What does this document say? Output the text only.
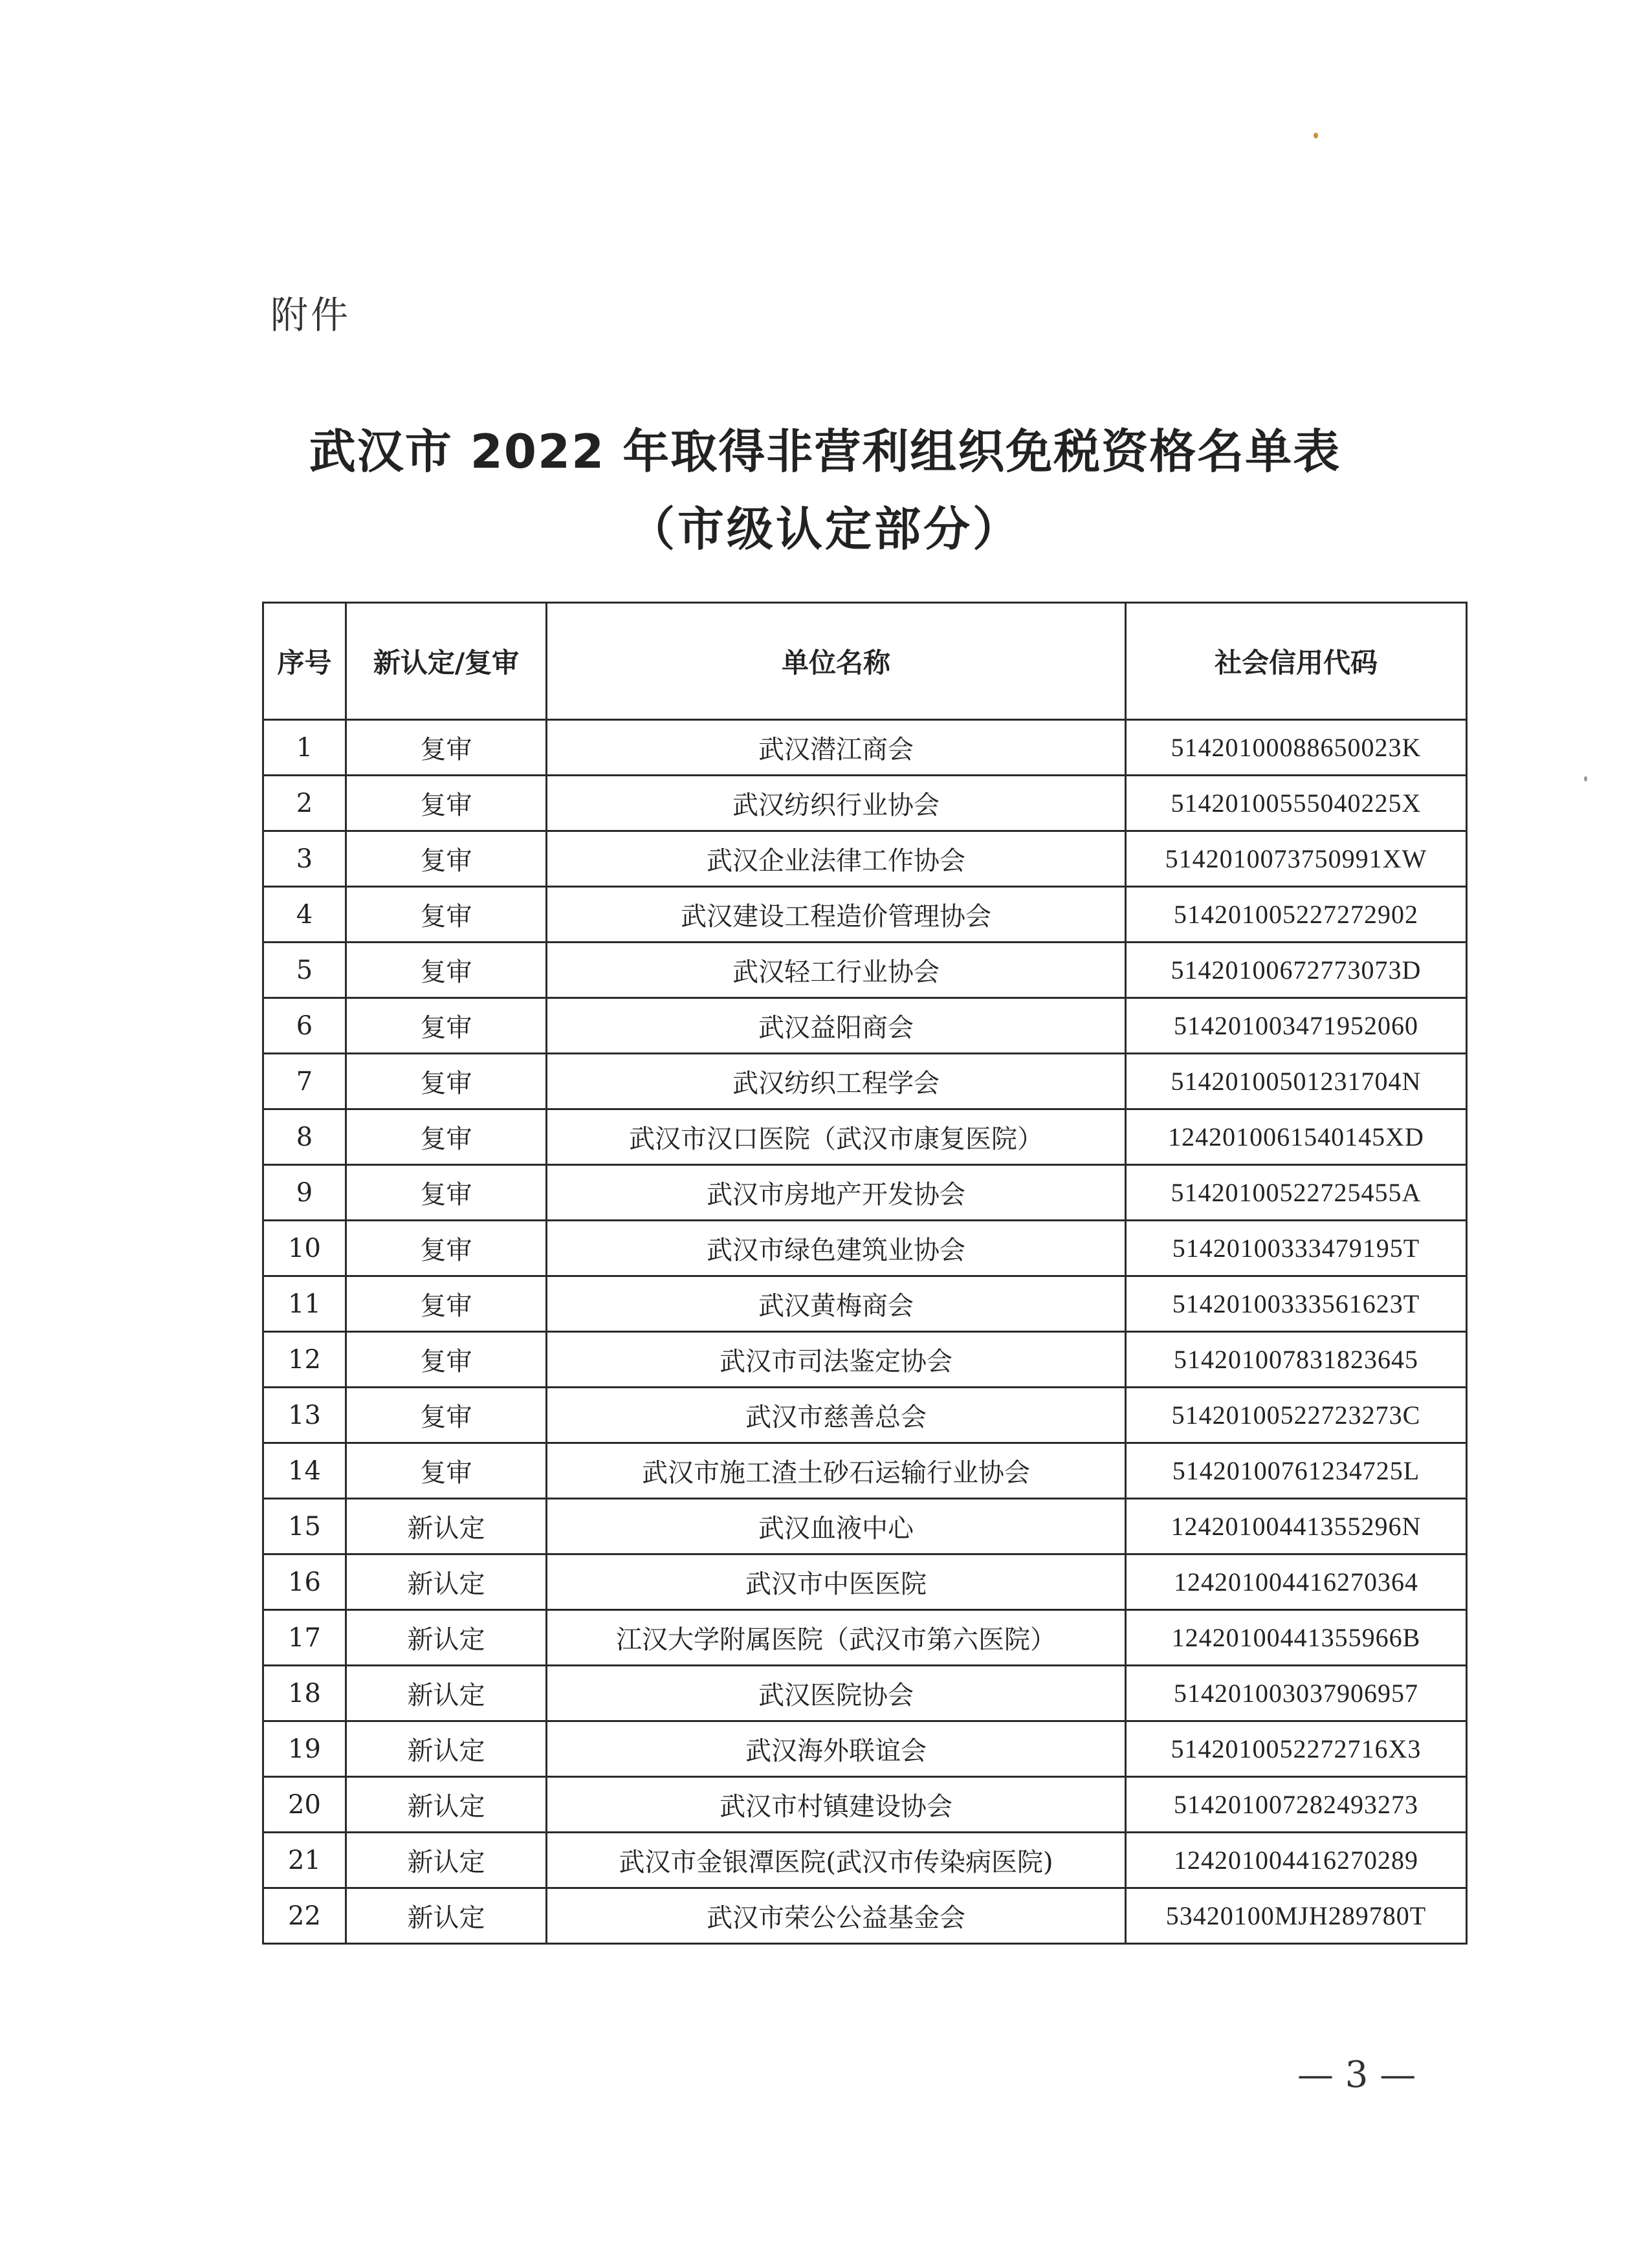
附件
武汉市 2022 年取得非营利组织免税资格名单表
（市级认定部分）
序号	新认定/复审	单位名称	社会信用代码
1	复审	武汉潜江商会	51420100088650023K
2	复审	武汉纺织行业协会	51420100555040225X
3	复审	武汉企业法律工作协会	5142010073750991XW
4	复审	武汉建设工程造价管理协会	514201005227272902
5	复审	武汉轻工行业协会	51420100672773073D
6	复审	武汉益阳商会	514201003471952060
7	复审	武汉纺织工程学会	51420100501231704N
8	复审	武汉市汉口医院（武汉市康复医院）	1242010061540145XD
9	复审	武汉市房地产开发协会	51420100522725455A
10	复审	武汉市绿色建筑业协会	51420100333479195T
11	复审	武汉黄梅商会	51420100333561623T
12	复审	武汉市司法鉴定协会	514201007831823645
13	复审	武汉市慈善总会	51420100522723273C
14	复审	武汉市施工渣土砂石运输行业协会	51420100761234725L
15	新认定	武汉血液中心	12420100441355296N
16	新认定	武汉市中医医院	124201004416270364
17	新认定	江汉大学附属医院（武汉市第六医院）	12420100441355966B
18	新认定	武汉医院协会	514201003037906957
19	新认定	武汉海外联谊会	5142010052272716X3
20	新认定	武汉市村镇建设协会	514201007282493273
21	新认定	武汉市金银潭医院(武汉市传染病医院)	124201004416270289
22	新认定	武汉市荣公公益基金会	53420100MJH289780T
— 3 —
